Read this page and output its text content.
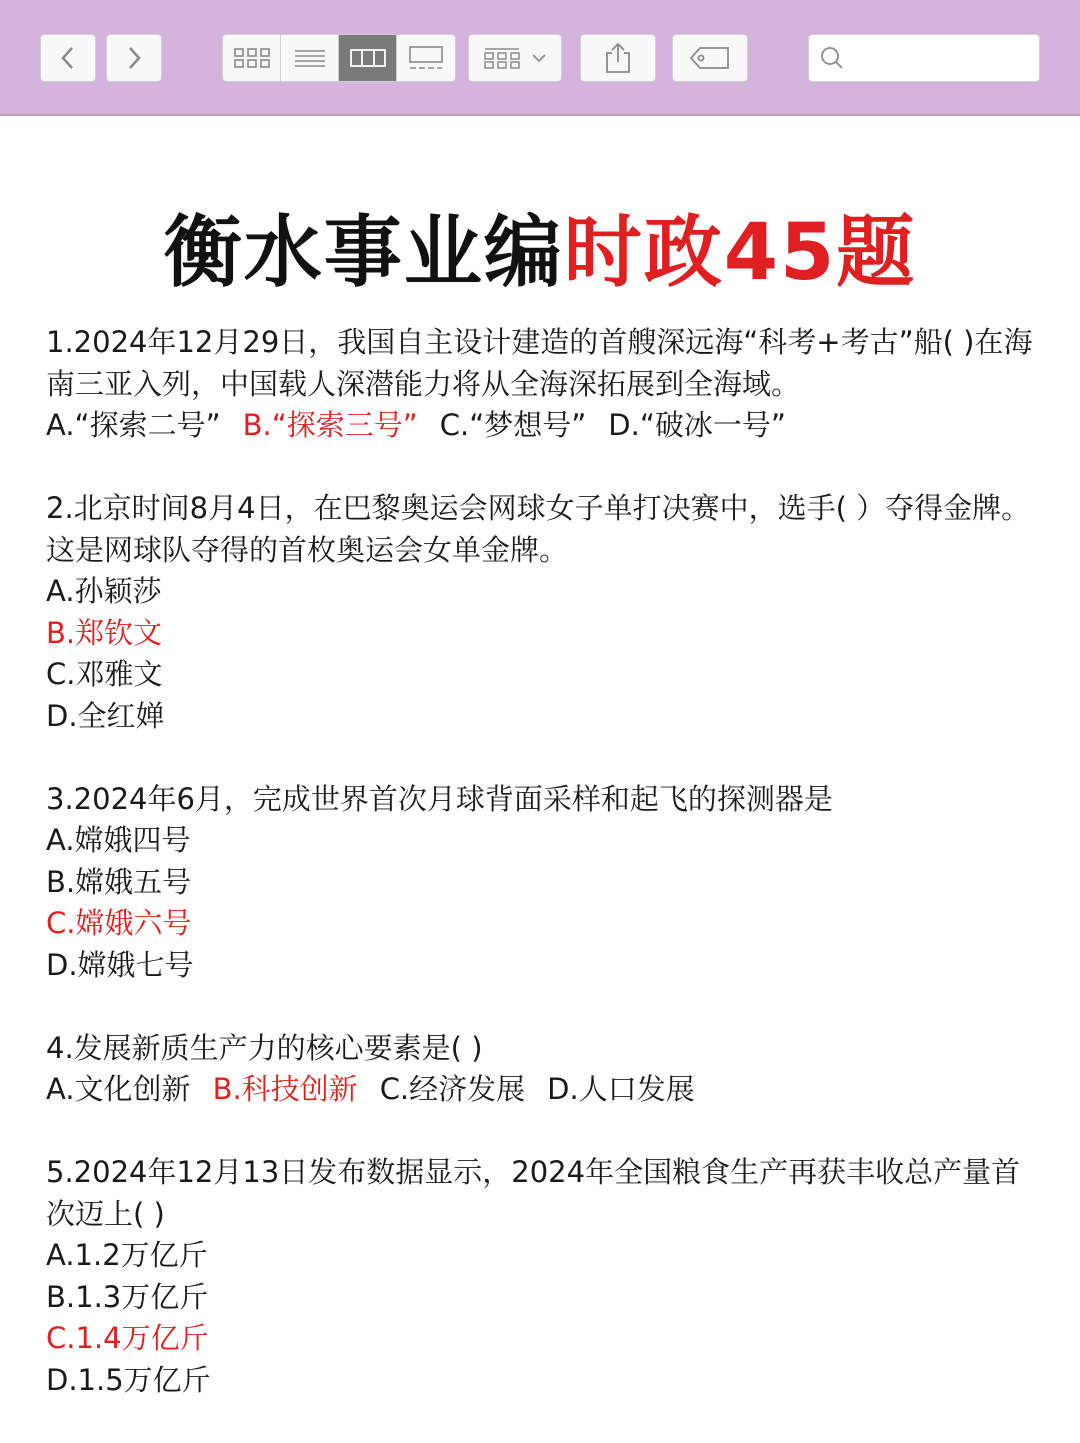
衡水事业编时政45题
1.2024年12月29日，我国自主设计建造的首艘深远海“科考+考古”船( )在海南三亚入列，中国载人深潜能力将从全海深拓展到全海域。
A.“探索二号” B.“探索三号” C.“梦想号” D.“破冰一号”
2.北京时间8月4日，在巴黎奥运会网球女子单打决赛中，选手( ）夺得金牌。这是网球队夺得的首枚奥运会女单金牌。
A.孙颖莎
B.郑钦文
C.邓雅文
D.全红婵
3.2024年6月，完成世界首次月球背面采样和起飞的探测器是
A.嫦娥四号
B.嫦娥五号
C.嫦娥六号
D.嫦娥七号
4.发展新质生产力的核心要素是( )
A.文化创新 B.科技创新 C.经济发展 D.人口发展
5.2024年12月13日发布数据显示，2024年全国粮食生产再获丰收总产量首次迈上( )
A.1.2万亿斤
B.1.3万亿斤
C.1.4万亿斤
D.1.5万亿斤
